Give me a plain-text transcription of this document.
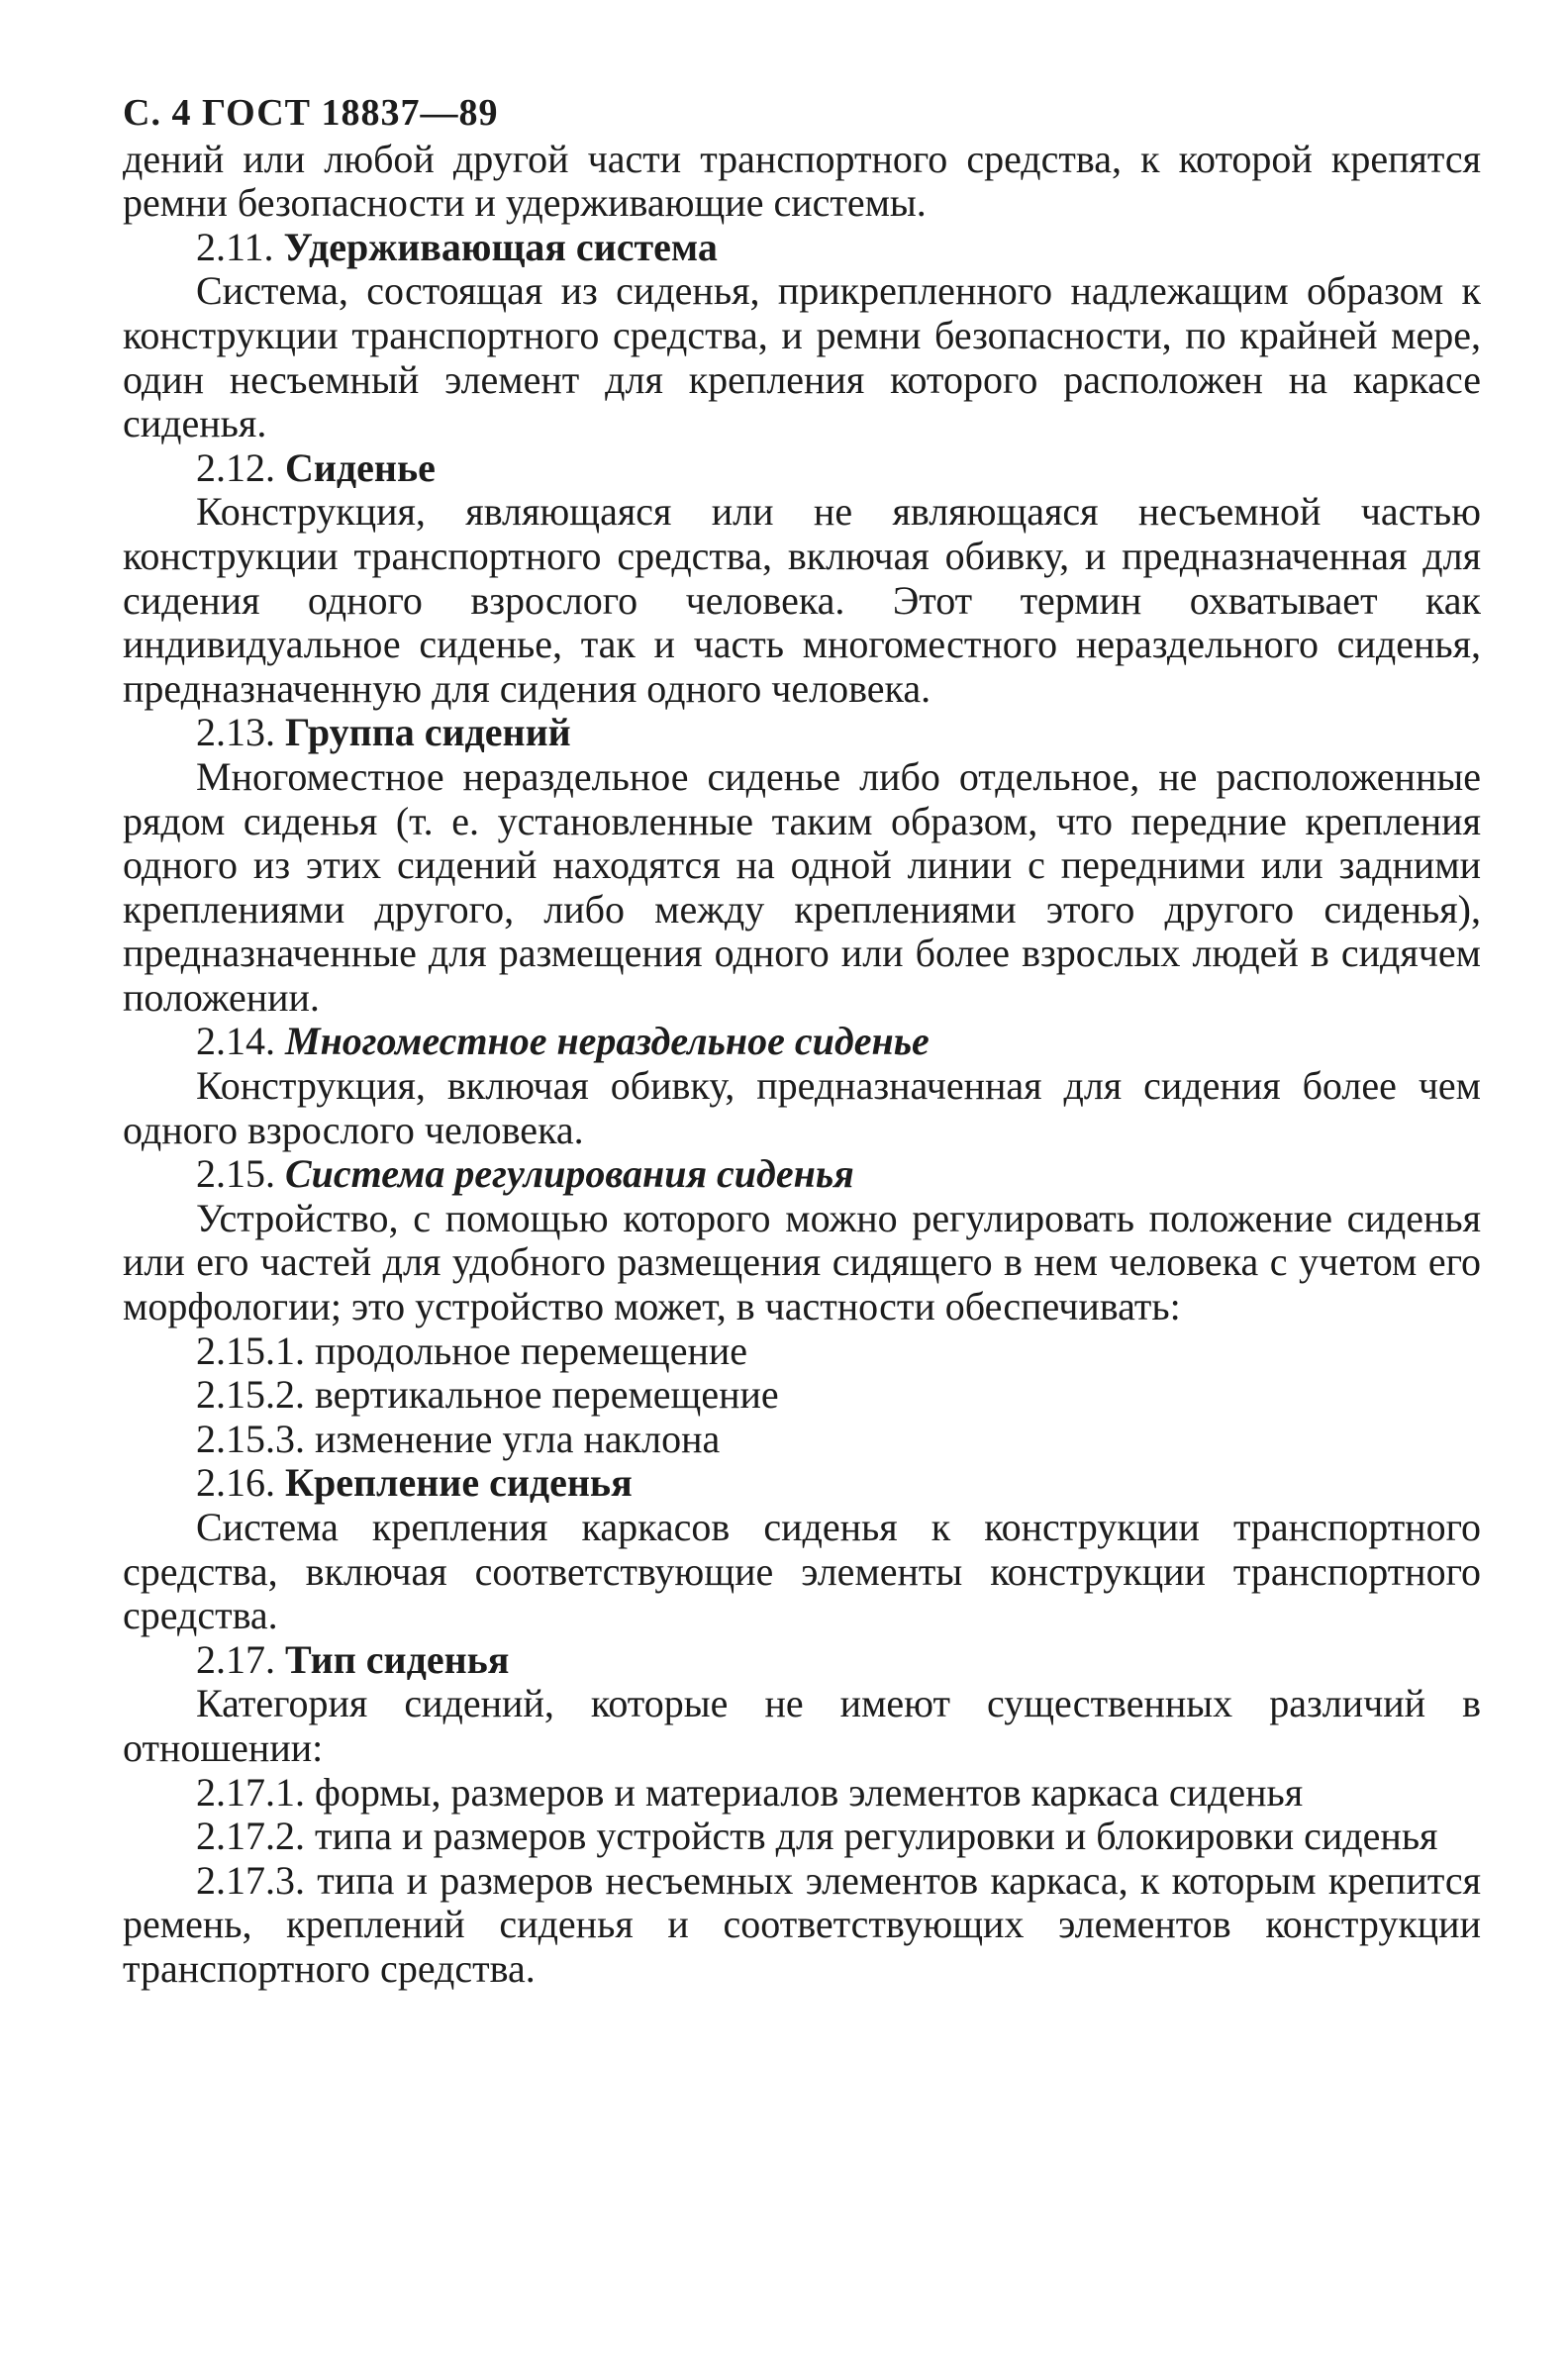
С. 4 ГОСТ 18837—89
дений или любой другой части транспортного средства, к которой крепятся ремни безопасности и удерживающие системы.
2.11. Удерживающая система
Система, состоящая из сиденья, прикрепленного надлежащим образом к конструкции транспортного средства, и ремни безопасности, по крайней мере, один несъемный элемент для крепления которого расположен на каркасе сиденья.
2.12. Сиденье
Конструкция, являющаяся или не являющаяся несъемной частью конструкции транспортного средства, включая обивку, и предназначенная для сидения одного взрослого человека. Этот термин охватывает как индивидуальное сиденье, так и часть многоместного нераздельного сиденья, предназначенную для сидения одного человека.
2.13. Группа сидений
Многоместное нераздельное сиденье либо отдельное, не расположенные рядом сиденья (т. е. установленные таким образом, что передние крепления одного из этих сидений находятся на одной линии с передними или задними креплениями другого, либо между креплениями этого другого сиденья), предназначенные для размещения одного или более взрослых людей в сидячем положении.
2.14. Многоместное нераздельное сиденье
Конструкция, включая обивку, предназначенная для сидения более чем одного взрослого человека.
2.15. Система регулирования сиденья
Устройство, с помощью которого можно регулировать положение сиденья или его частей для удобного размещения сидящего в нем человека с учетом его морфологии; это устройство может, в частности обеспечивать:
2.15.1. продольное перемещение
2.15.2. вертикальное перемещение
2.15.3. изменение угла наклона
2.16. Крепление сиденья
Система крепления каркасов сиденья к конструкции транспортного средства, включая соответствующие элементы конструкции транспортного средства.
2.17. Тип сиденья
Категория сидений, которые не имеют существенных различий в отношении:
2.17.1. формы, размеров и материалов элементов каркаса сиденья
2.17.2. типа и размеров устройств для регулировки и блокировки сиденья
2.17.3. типа и размеров несъемных элементов каркаса, к которым крепится ремень, креплений сиденья и соответствующих элементов конструкции транспортного средства.
